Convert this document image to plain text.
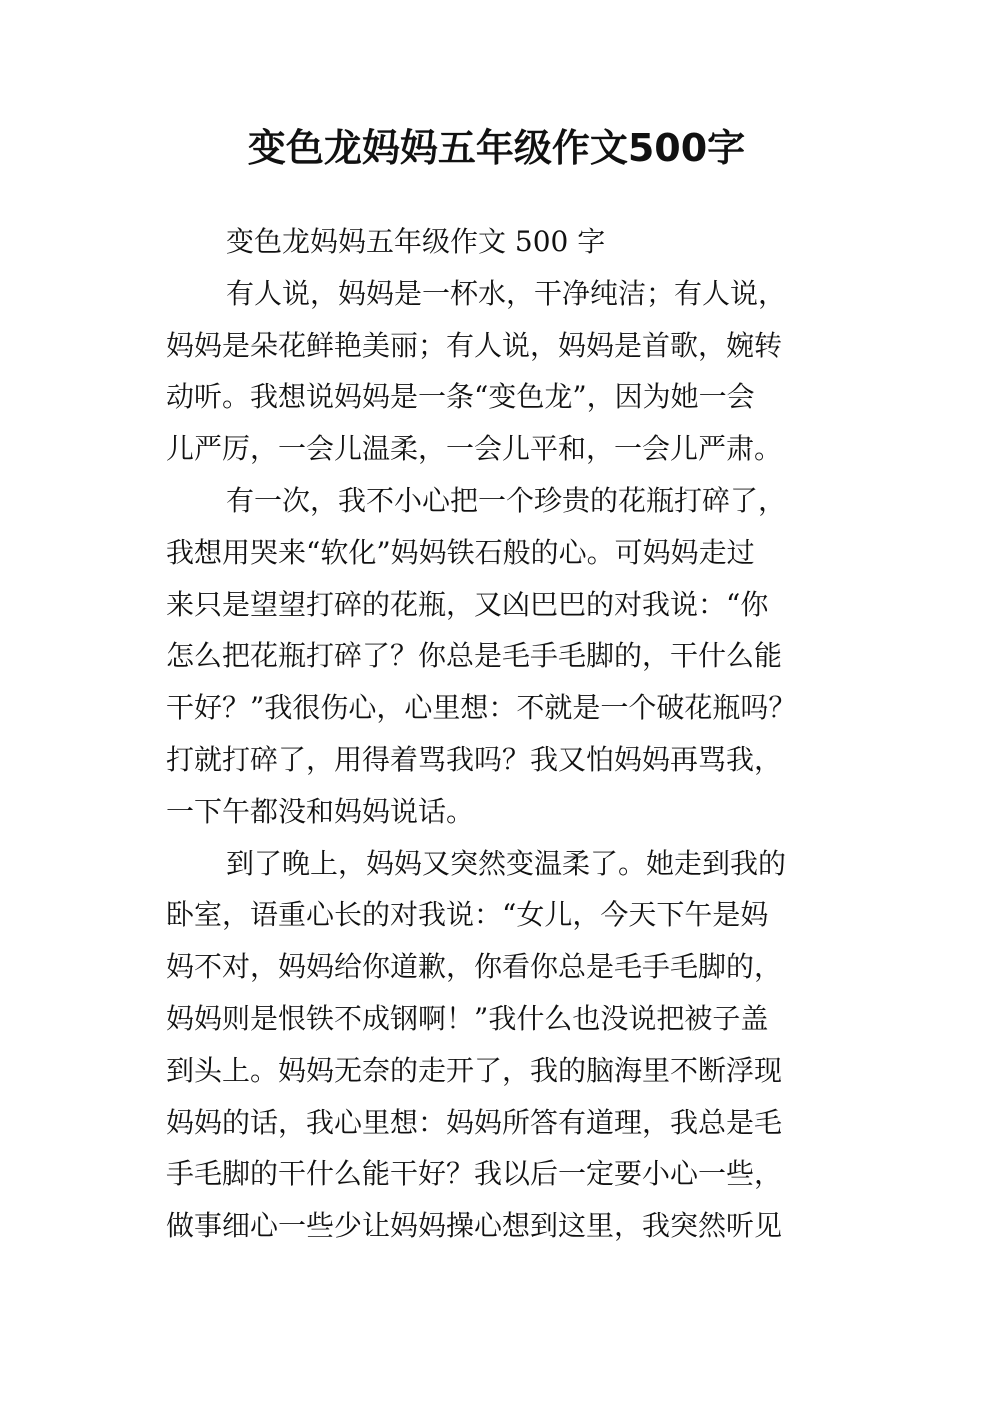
变色龙妈妈五年级作文500字
变色龙妈妈五年级作文 500 字
有人说，妈妈是一杯水，干净纯洁；有人说，
妈妈是朵花鲜艳美丽；有人说，妈妈是首歌，婉转
动听。我想说妈妈是一条“变色龙”，因为她一会
儿严厉，一会儿温柔，一会儿平和，一会儿严肃。
有一次，我不小心把一个珍贵的花瓶打碎了，
我想用哭来“软化”妈妈铁石般的心。可妈妈走过
来只是望望打碎的花瓶，又凶巴巴的对我说：“你
怎么把花瓶打碎了？你总是毛手毛脚的，干什么能
干好？”我很伤心，心里想：不就是一个破花瓶吗？
打就打碎了，用得着骂我吗？我又怕妈妈再骂我，
一下午都没和妈妈说话。
到了晚上，妈妈又突然变温柔了。她走到我的
卧室，语重心长的对我说：“女儿，今天下午是妈
妈不对，妈妈给你道歉，你看你总是毛手毛脚的，
妈妈则是恨铁不成钢啊！”我什么也没说把被子盖
到头上。妈妈无奈的走开了，我的脑海里不断浮现
妈妈的话，我心里想：妈妈所答有道理，我总是毛
手毛脚的干什么能干好？我以后一定要小心一些，
做事细心一些少让妈妈操心想到这里，我突然听见
